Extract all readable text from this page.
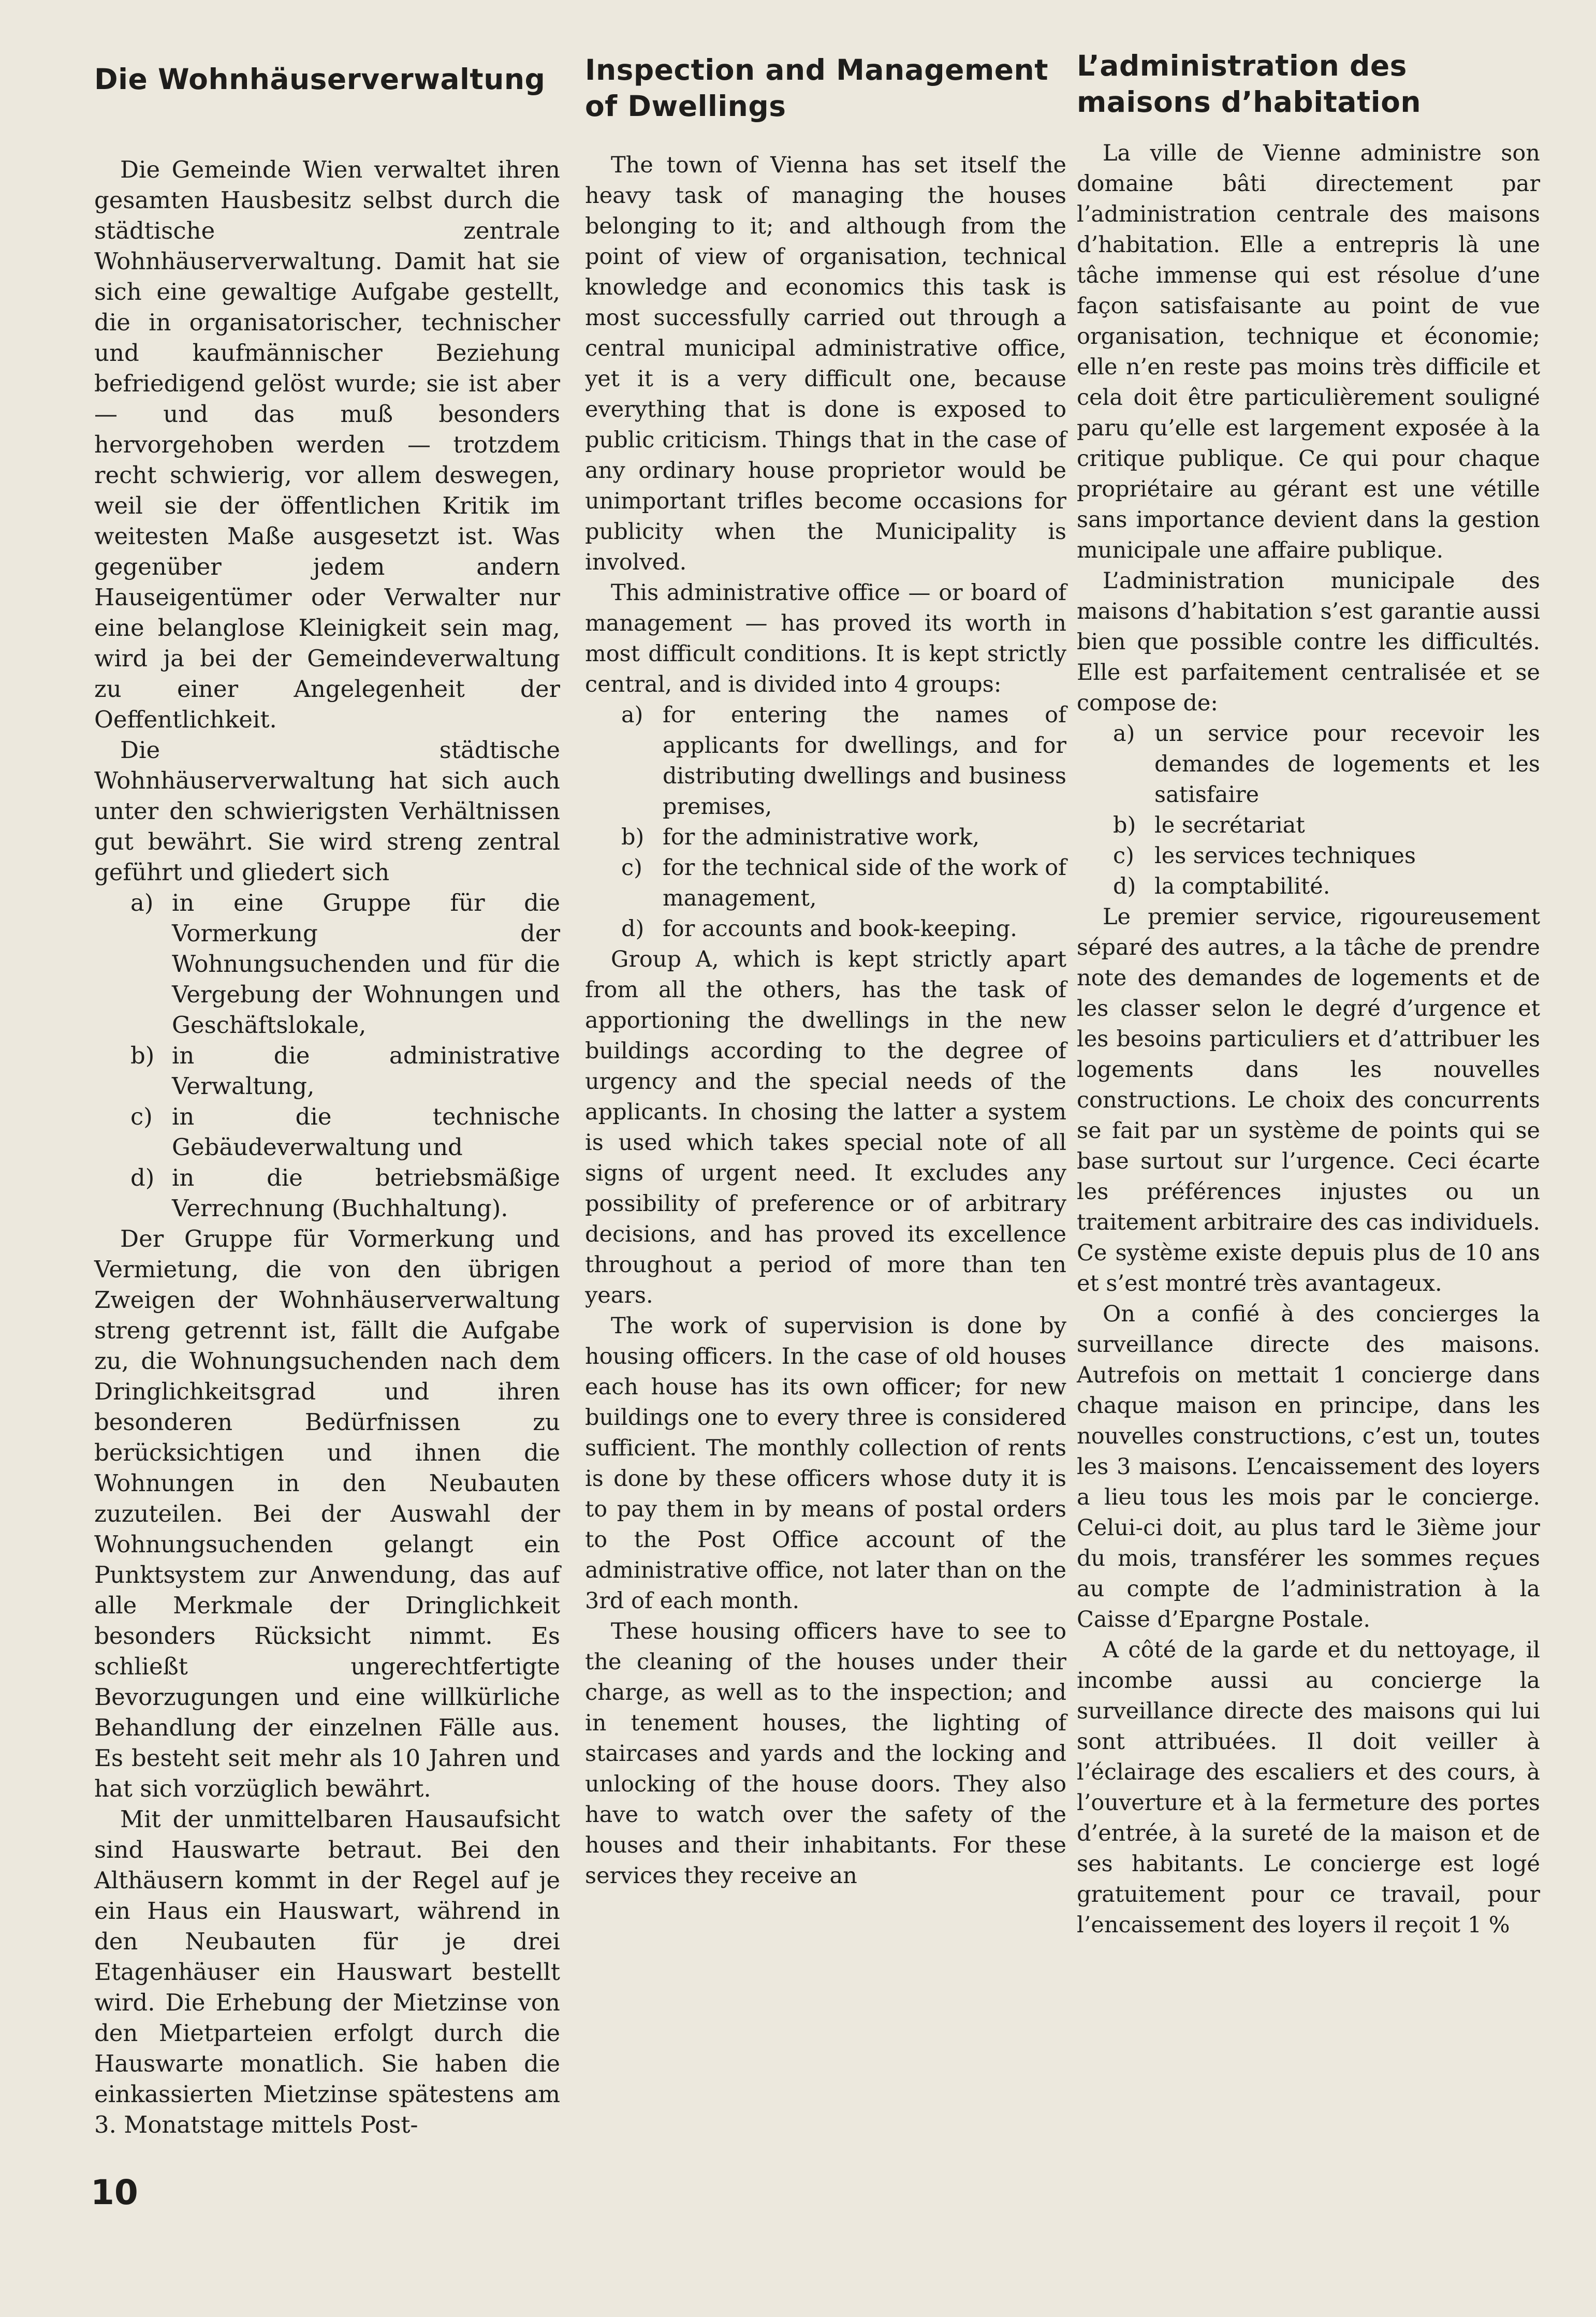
Die Wohnhäuserverwaltung

Die Gemeinde Wien verwaltet ihren gesamten Hausbesitz selbst durch die städtische zentrale Wohnhäuserverwaltung. Damit hat sie sich eine gewaltige Aufgabe gestellt, die in organisatorischer, technischer und kaufmännischer Beziehung befriedigend gelöst wurde; sie ist aber — und das muß besonders hervorgehoben werden — trotzdem recht schwierig, vor allem deswegen, weil sie der öffentlichen Kritik im weitesten Maße ausgesetzt ist. Was gegenüber jedem andern Hauseigentümer oder Verwalter nur eine belanglose Kleinigkeit sein mag, wird ja bei der Gemeindeverwaltung zu einer Angelegenheit der Oeffentlichkeit.

Die städtische Wohnhäuserverwaltung hat sich auch unter den schwierigsten Verhältnissen gut bewährt. Sie wird streng zentral geführt und gliedert sich

a) in eine Gruppe für die Vormerkung der Wohnungsuchenden und für die Vergebung der Wohnungen und Geschäftslokale,
b) in die administrative Verwaltung,
c) in die technische Gebäudeverwaltung und
d) in die betriebsmäßige Verrechnung (Buchhaltung).

Der Gruppe für Vormerkung und Vermietung, die von den übrigen Zweigen der Wohnhäuserverwaltung streng getrennt ist, fällt die Aufgabe zu, die Wohnungsuchenden nach dem Dringlichkeitsgrad und ihren besonderen Bedürfnissen zu berücksichtigen und ihnen die Wohnungen in den Neubauten zuzuteilen. Bei der Auswahl der Wohnungsuchenden gelangt ein Punktsystem zur Anwendung, das auf alle Merkmale der Dringlichkeit besonders Rücksicht nimmt. Es schließt ungerechtfertigte Bevorzugungen und eine willkürliche Behandlung der einzelnen Fälle aus. Es besteht seit mehr als 10 Jahren und hat sich vorzüglich bewährt.

Mit der unmittelbaren Hausaufsicht sind Hauswarte betraut. Bei den Althäusern kommt in der Regel auf je ein Haus ein Hauswart, während in den Neubauten für je drei Etagenhäuser ein Hauswart bestellt wird. Die Erhebung der Mietzinse von den Mietparteien erfolgt durch die Hauswarte monatlich. Sie haben die einkassierten Mietzinse spätestens am 3. Monatstage mittels Post-

Inspection and Management of Dwellings

The town of Vienna has set itself the heavy task of managing the houses belonging to it; and although from the point of view of organisation, technical knowledge and economics this task is most successfully carried out through a central municipal administrative office, yet it is a very difficult one, because everything that is done is exposed to public criticism. Things that in the case of any ordinary house proprietor would be unimportant trifles become occasions for publicity when the Municipality is involved.

This administrative office — or board of management — has proved its worth in most difficult conditions. It is kept strictly central, and is divided into 4 groups:

a) for entering the names of applicants for dwellings, and for distributing dwellings and business premises,
b) for the administrative work,
c) for the technical side of the work of management,
d) for accounts and book-keeping.

Group A, which is kept strictly apart from all the others, has the task of apportioning the dwellings in the new buildings according to the degree of urgency and the special needs of the applicants. In chosing the latter a system is used which takes special note of all signs of urgent need. It excludes any possibility of preference or of arbitrary decisions, and has proved its excellence throughout a period of more than ten years.

The work of supervision is done by housing officers. In the case of old houses each house has its own officer; for new buildings one to every three is considered sufficient. The monthly collection of rents is done by these officers whose duty it is to pay them in by means of postal orders to the Post Office account of the administrative office, not later than on the 3rd of each month.

These housing officers have to see to the cleaning of the houses under their charge, as well as to the inspection; and in tenement houses, the lighting of staircases and yards and the locking and unlocking of the house doors. They also have to watch over the safety of the houses and their inhabitants. For these services they receive an

L’administration des maisons d’habitation

La ville de Vienne administre son domaine bâti directement par l’administration centrale des maisons d’habitation. Elle a entrepris là une tâche immense qui est résolue d’une façon satisfaisante au point de vue organisation, technique et économie; elle n’en reste pas moins très difficile et cela doit être particulièrement souligné paru qu’elle est largement exposée à la critique publique. Ce qui pour chaque propriétaire au gérant est une vétille sans importance devient dans la gestion municipale une affaire publique.

L’administration municipale des maisons d’habitation s’est garantie aussi bien que possible contre les difficultés. Elle est parfaitement centralisée et se compose de:

a) un service pour recevoir les demandes de logements et les satisfaire
b) le secrétariat
c) les services techniques
d) la comptabilité.

Le premier service, rigoureusement séparé des autres, a la tâche de prendre note des demandes de logements et de les classer selon le degré d’urgence et les besoins particuliers et d’attribuer les logements dans les nouvelles constructions. Le choix des concurrents se fait par un système de points qui se base surtout sur l’urgence. Ceci écarte les préférences injustes ou un traitement arbitraire des cas individuels. Ce système existe depuis plus de 10 ans et s’est montré très avantageux.

On a confié à des concierges la surveillance directe des maisons. Autrefois on mettait 1 concierge dans chaque maison en principe, dans les nouvelles constructions, c’est un, toutes les 3 maisons. L’encaissement des loyers a lieu tous les mois par le concierge. Celui-ci doit, au plus tard le 3ième jour du mois, transférer les sommes reçues au compte de l’administration à la Caisse d’Epargne Postale.

A côté de la garde et du nettoyage, il incombe aussi au concierge la surveillance directe des maisons qui lui sont attribuées. Il doit veiller à l’éclairage des escaliers et des cours, à l’ouverture et à la fermeture des portes d’entrée, à la sureté de la maison et de ses habitants. Le concierge est logé gratuitement pour ce travail, pour l’encaissement des loyers il reçoit 1 %

10
